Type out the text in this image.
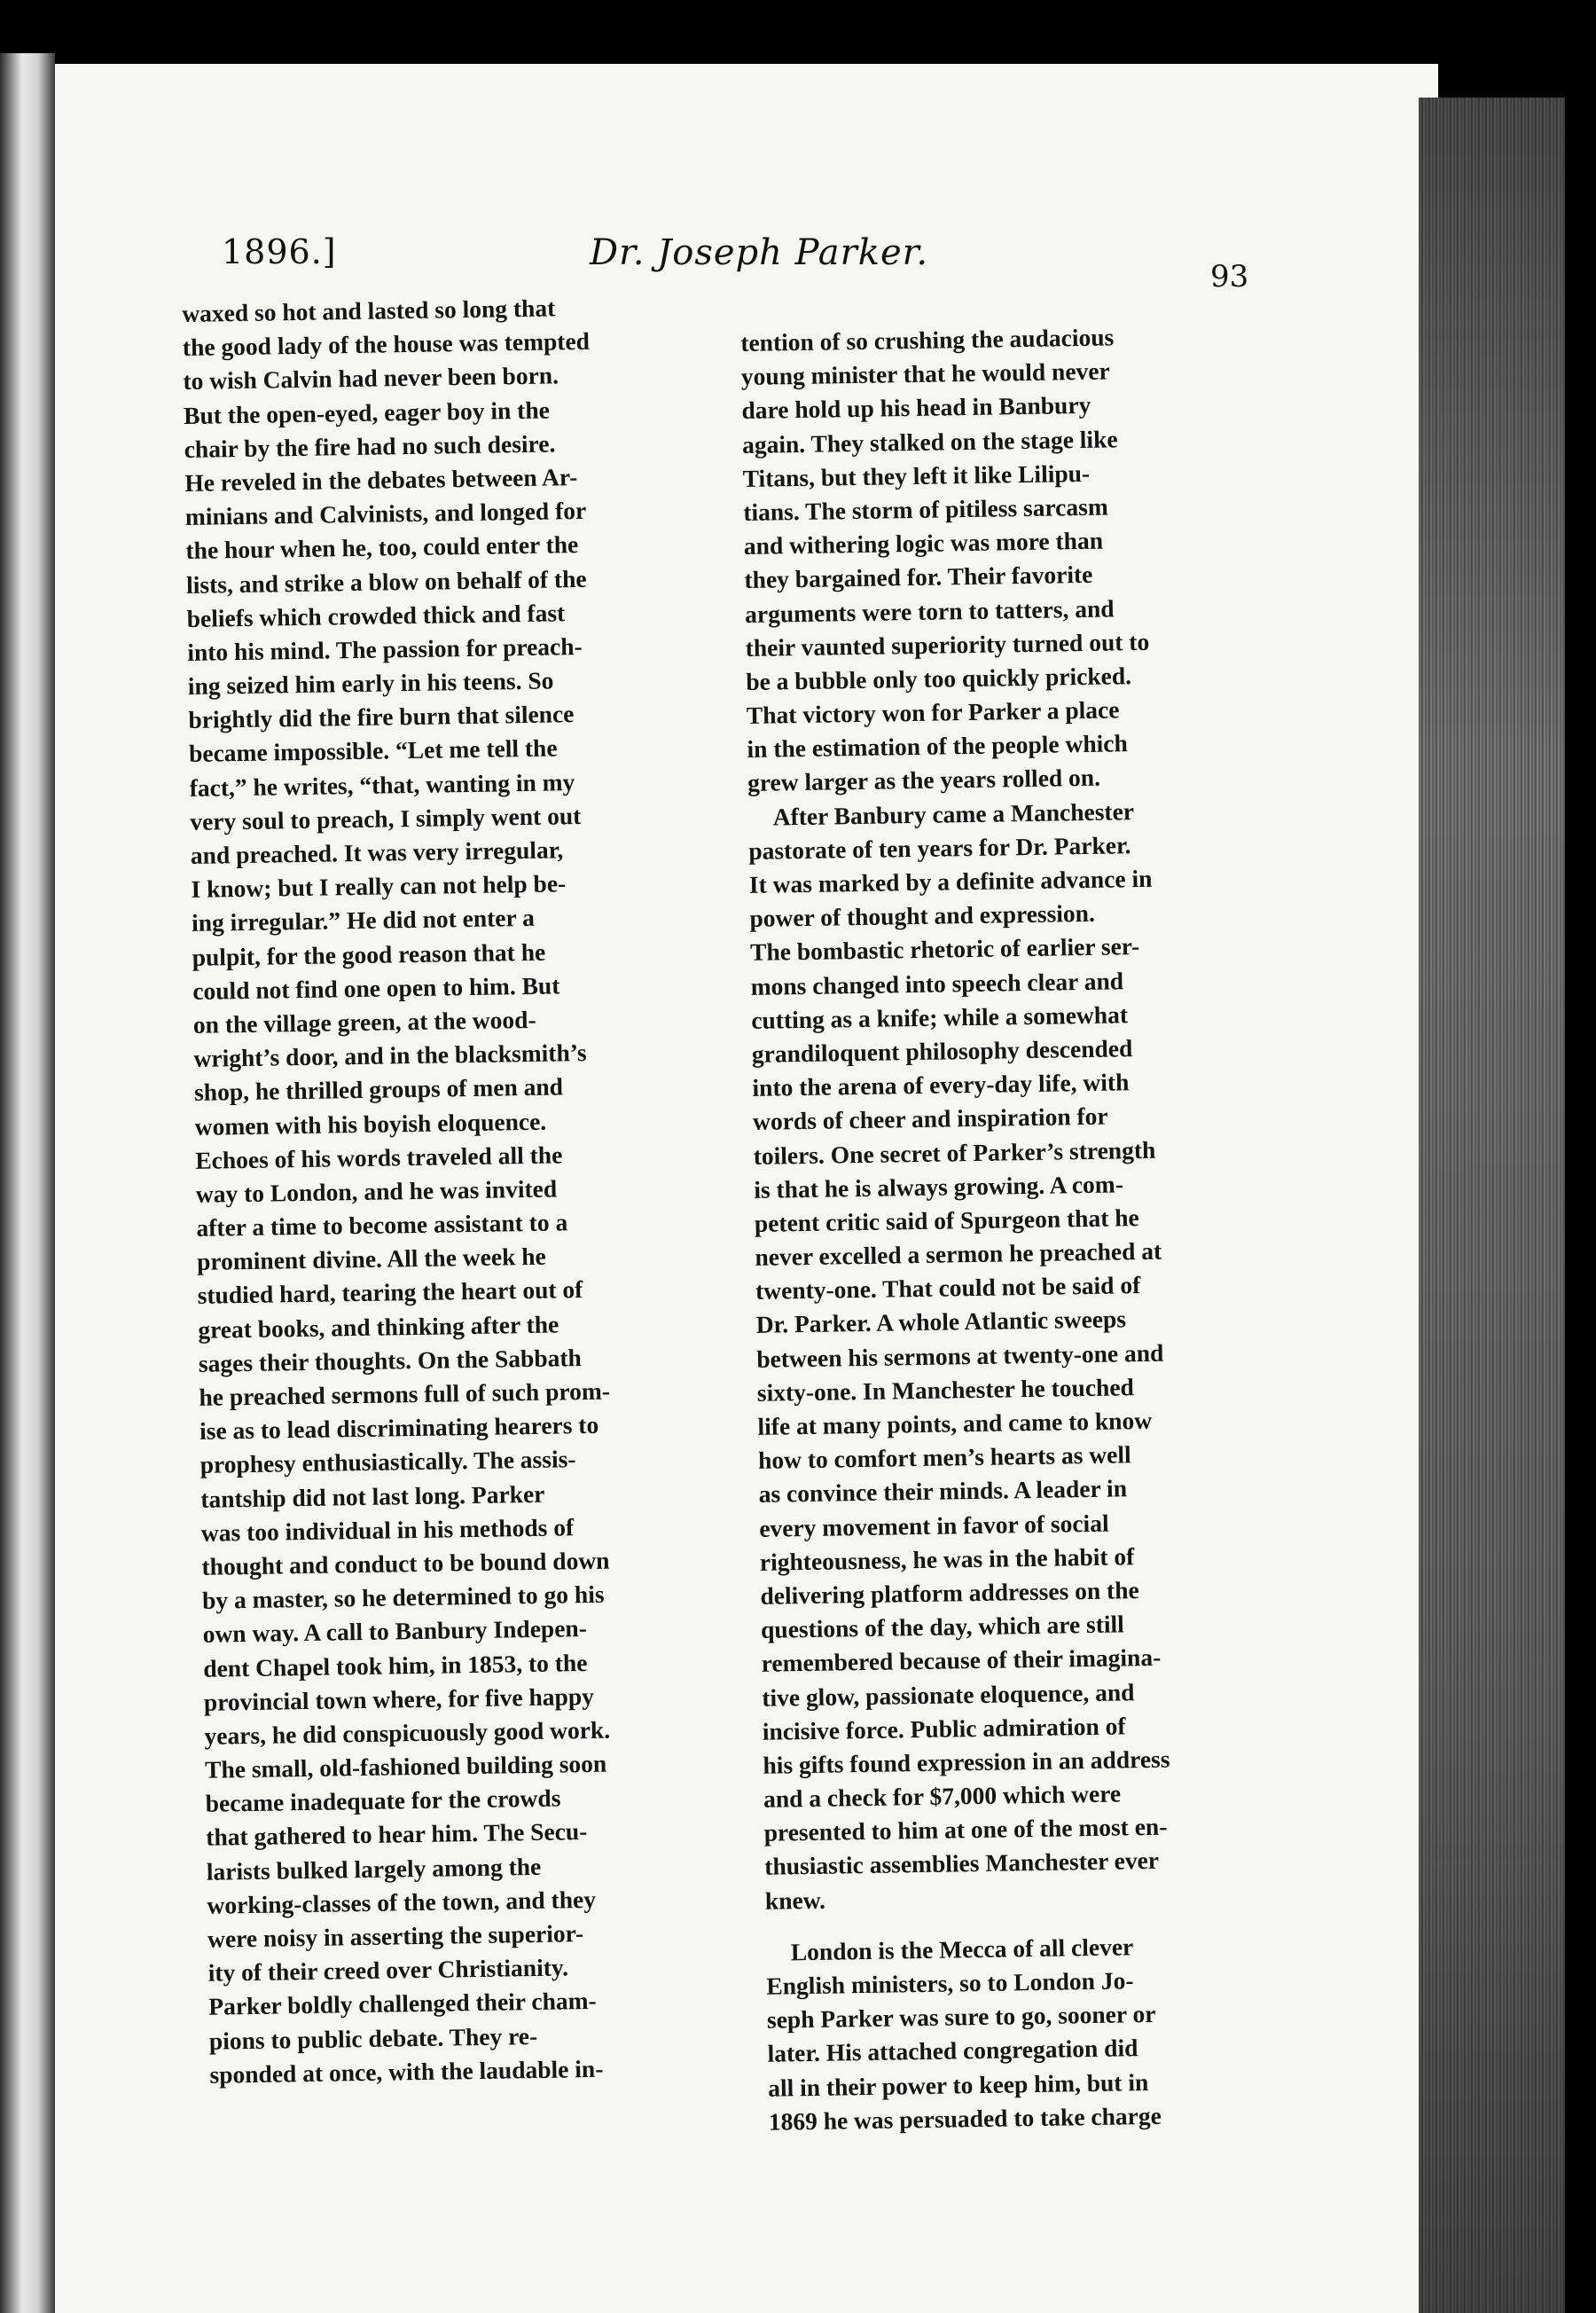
1896.]	Dr. Joseph Parker.
93
waxed so hot and lasted so long that
the good lady of the house was tempted
to wish Calvin had never been born.
But the open-eyed, eager boy in the
chair by the fire had no such desire.
He reveled in the debates between Ar-
minians and Calvinists, and longed for
the hour when he, too, could enter the
lists, and strike a blow on behalf of the
beliefs which crowded thick and fast
into his mind. The passion for preach-
ing seized him early in his teens. So
brightly did the fire burn that silence
became impossible. “Let me tell the
fact,” he writes, “that, wanting in my
very soul to preach, I simply went out
and preached. It was very irregular,
I know; but I really can not help be-
ing irregular.” He did not enter a
pulpit, for the good reason that he
could not find one open to him. But
on the village green, at the wood-
wright’s door, and in the blacksmith’s
shop, he thrilled groups of men and
women with his boyish eloquence.
Echoes of his words traveled all the
way to London, and he was invited
after a time to become assistant to a
prominent divine. All the week he
studied hard, tearing the heart out of
great books, and thinking after the
sages their thoughts. On the Sabbath
he preached sermons full of such prom-
ise as to lead discriminating hearers to
prophesy enthusiastically. The assis-
tantship did not last long. Parker
was too individual in his methods of
thought and conduct to be bound down
by a master, so he determined to go his
own way. A call to Banbury Indepen-
dent Chapel took him, in 1853, to the
provincial town where, for five happy
years, he did conspicuously good work.
The small, old-fashioned building soon
became inadequate for the crowds
that gathered to hear him. The Secu-
larists bulked largely among the
working-classes of the town, and they
were noisy in asserting the superior-
ity of their creed over Christianity.
Parker boldly challenged their cham-
pions to public debate. They re-
sponded at once, with the laudable in-
tention of so crushing the audacious
young minister that he would never
dare hold up his head in Banbury
again. They stalked on the stage like
Titans, but they left it like Lilipu-
tians. The storm of pitiless sarcasm
and withering logic was more than
they bargained for. Their favorite
arguments were torn to tatters, and
their vaunted superiority turned out to
be a bubble only too quickly pricked.
That victory won for Parker a place
in the estimation of the people which
grew larger as the years rolled on.
After Banbury came a Manchester
pastorate of ten years for Dr. Parker.
It was marked by a definite advance in
power of thought and expression.
The bombastic rhetoric of earlier ser-
mons changed into speech clear and
cutting as a knife; while a somewhat
grandiloquent philosophy descended
into the arena of every-day life, with
words of cheer and inspiration for
toilers. One secret of Parker’s strength
is that he is always growing. A com-
petent critic said of Spurgeon that he
never excelled a sermon he preached at
twenty-one. That could not be said of
Dr. Parker. A whole Atlantic sweeps
between his sermons at twenty-one and
sixty-one. In Manchester he touched
life at many points, and came to know
how to comfort men’s hearts as well
as convince their minds. A leader in
every movement in favor of social
righteousness, he was in the habit of
delivering platform addresses on the
questions of the day, which are still
remembered because of their imagina-
tive glow, passionate eloquence, and
incisive force. Public admiration of
his gifts found expression in an address
and a check for $7,000 which were
presented to him at one of the most en-
thusiastic assemblies Manchester ever
knew.
London is the Mecca of all clever
English ministers, so to London Jo-
seph Parker was sure to go, sooner or
later. His attached congregation did
all in their power to keep him, but in
1869 he was persuaded to take charge
